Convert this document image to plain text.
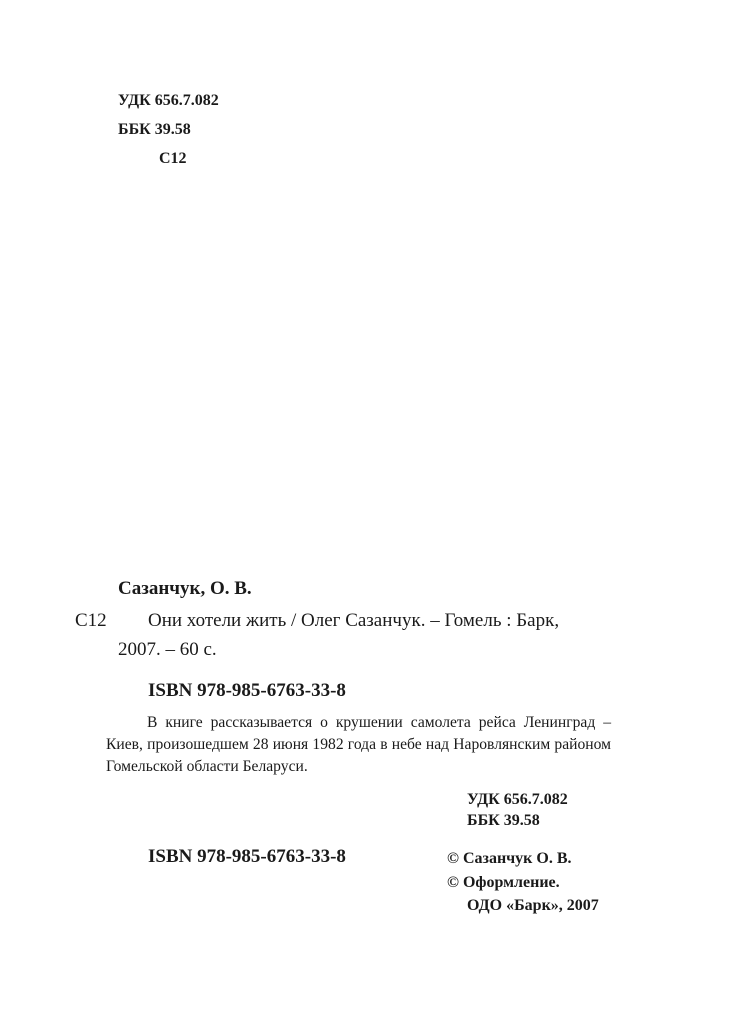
УДК 656.7.082
ББК 39.58
С12
Сазанчук, О. В.
С12 Они хотели жить / Олег Сазанчук. – Гомель : Барк,
2007. – 60 с.
ISBN 978-985-6763-33-8
В книге рассказывается о крушении самолета рейса Ленинград – Киев, произошедшем 28 июня 1982 года в небе над Наровлянским районом Гомельской области Беларуси.
УДК 656.7.082
ББК 39.58
ISBN 978-985-6763-33-8	© Сазанчук О. В.
© Оформление.
ОДО «Барк», 2007
